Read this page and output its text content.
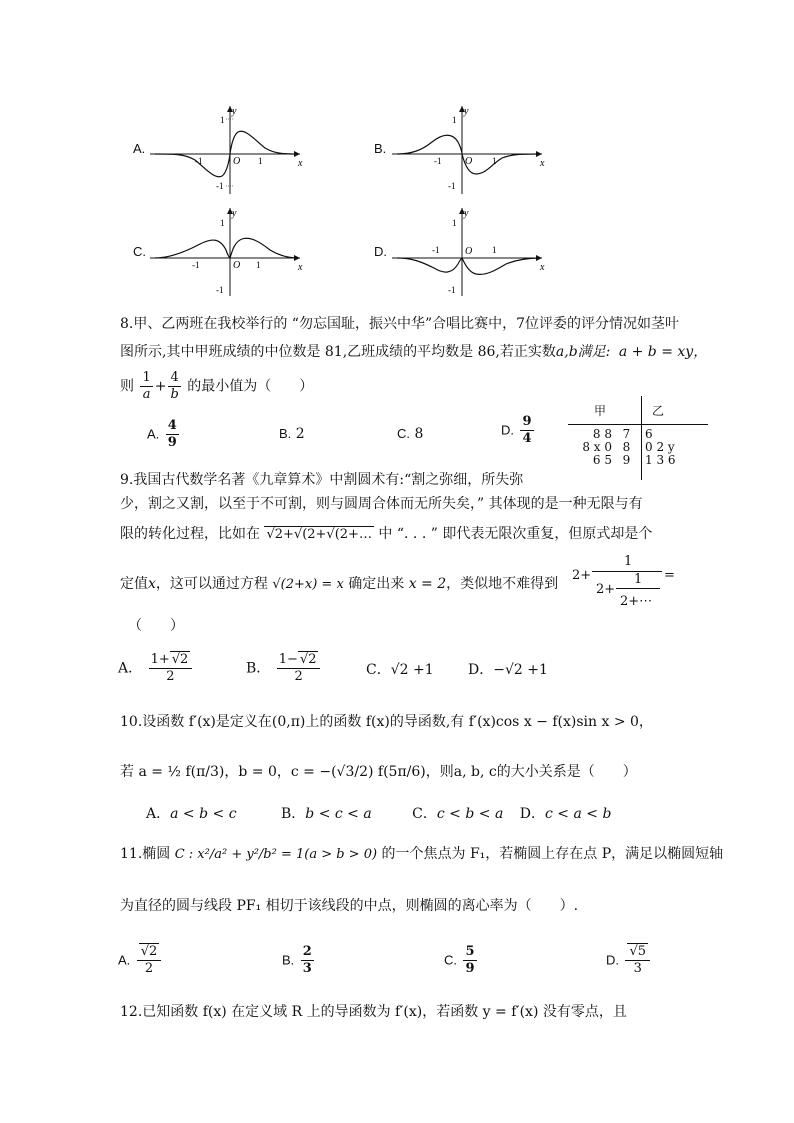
A.
y
x
O
1
-1
-1	1
B.
y
x
O
1
-1
-1	1
C.
y
x
O
1
-1
-1	1
D.
y
x
O
1
-1
-1	1
8.甲、乙两班在我校举行的 “勿忘国耻，振兴中华”合唱比赛中，7位评委的评分情况如茎叶
图所示,其中甲班成绩的中位数是 81,乙班成绩的平均数是 86,若正实数a,b满足: a + b = xy，
则 $\frac{1}{a} + \frac{4}{b}$ 的最小值为（　　）
A. $\frac{4}{9}$	B. 2	C. 8	D. $\frac{9}{4}$
甲	乙
8 8 7	6
8 x 0 8	0 2 y
6 5 9	1 3 6
9.我国古代数学名著《九章算术》中割圆术有:“割之弥细，所失弥
少，割之又割，以至于不可割，则与圆周合体而无所失矣，” 其体现的是一种无限与有
限的转化过程，比如在 √2+√(2+√(2+… 中 “. . . ” 即代表无限次重复，但原式却是个
定值x，这可以通过方程 √(2+x) = x 确定出来 x = 2，类似地不难得到
2+
1
2+
1
2+⋯
=
（　　）
A． $\frac{1+ √2}{2}$	B． $\frac{1- √2}{2}$	C．√2 +1 D．−√2 +1
10.设函数 f′(x)是定义在(0,π)上的函数 f(x)的导函数,有 f′(x)cos x − f(x)sin x > 0，
若 a = ½ f(π/3)，b = 0，c = −(√3/2) f(5π/6)，则a, b, c的大小关系是（　　）
A．a < b < c	B．b < c < a	C．c < b < a D．c < a < b
11.椭圆 C : x²/a² + y²/b² = 1(a > b > 0) 的一个焦点为 F₁，若椭圆上存在点 P，满足以椭圆短轴
为直径的圆与线段 PF₁ 相切于该线段的中点，则椭圆的离心率为（　　）.
A. $\frac{√2}{2}$	B. $\frac{2}{3}$	C. $\frac{5}{9}$	D. $\frac{√5}{3}$
12.已知函数 f(x) 在定义域 R 上的导函数为 f′(x)，若函数 y = f′(x) 没有零点，且
